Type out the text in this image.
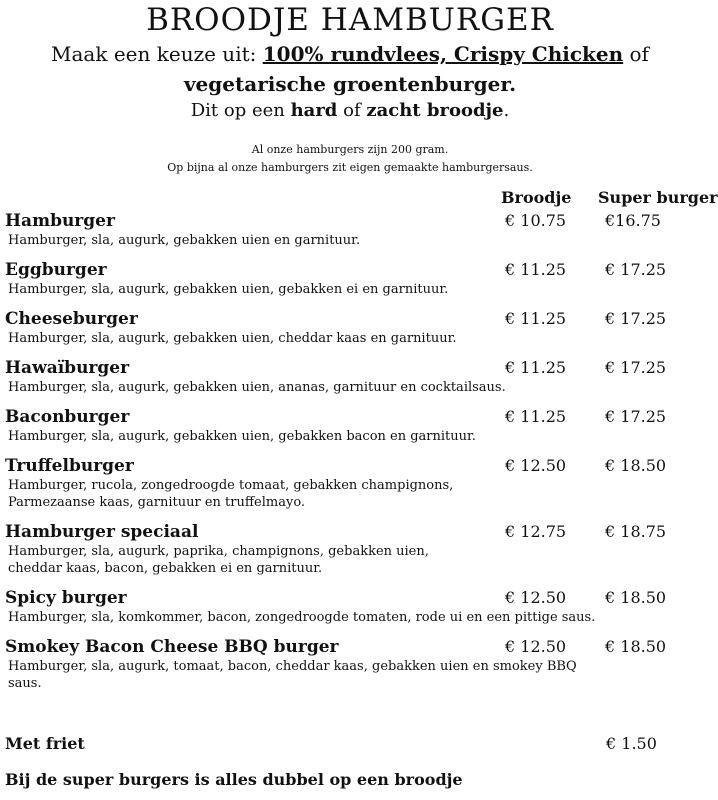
BROODJE HAMBURGER
Maak een keuze uit: 100% rundvlees, Crispy Chicken of
vegetarische groentenburger.
Dit op een hard of zacht broodje.
Al onze hamburgers zijn 200 gram.
Op bijna al onze hamburgers zit eigen gemaakte hamburgersaus.
Broodje Super burger
Hamburger	€ 10.75 €16.75
Hamburger, sla, augurk, gebakken uien en garnituur.
Eggburger	€ 11.25 € 17.25
Hamburger, sla, augurk, gebakken uien, gebakken ei en garnituur.
Cheeseburger	€ 11.25 € 17.25
Hamburger, sla, augurk, gebakken uien, cheddar kaas en garnituur.
Hawaïburger	€ 11.25 € 17.25
Hamburger, sla, augurk, gebakken uien, ananas, garnituur en cocktailsaus.
Baconburger	€ 11.25 € 17.25
Hamburger, sla, augurk, gebakken uien, gebakken bacon en garnituur.
Truffelburger	€ 12.50 € 18.50
Hamburger, rucola, zongedroogde tomaat, gebakken champignons,
Parmezaanse kaas, garnituur en truffelmayo.
Hamburger speciaal	€ 12.75 € 18.75
Hamburger, sla, augurk, paprika, champignons, gebakken uien,
cheddar kaas, bacon, gebakken ei en garnituur.
Spicy burger	€ 12.50 € 18.50
Hamburger, sla, komkommer, bacon, zongedroogde tomaten, rode ui en een pittige saus.
Smokey Bacon Cheese BBQ burger	€ 12.50 € 18.50
Hamburger, sla, augurk, tomaat, bacon, cheddar kaas, gebakken uien en smokey BBQ saus.
Met friet	€ 1.50
Bij de super burgers is alles dubbel op een broodje
